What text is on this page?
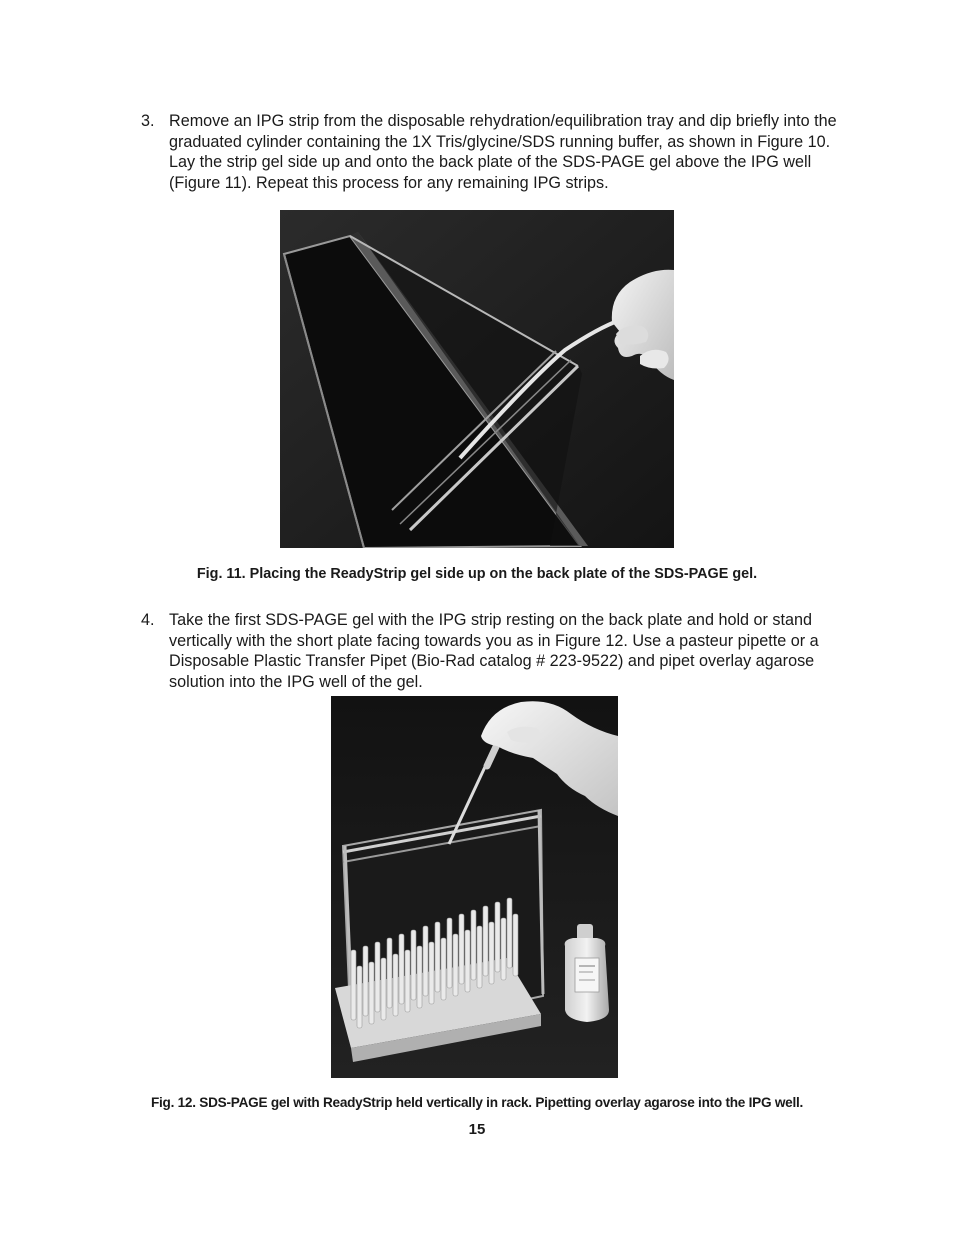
3. Remove an IPG strip from the disposable rehydration/equilibration tray and dip briefly into the graduated cylinder containing the 1X Tris/glycine/SDS running buffer, as shown in Figure 10. Lay the strip gel side up and onto the back plate of the SDS-PAGE gel above the IPG well (Figure 11). Repeat this process for any remaining IPG strips.
Fig. 11. Placing the ReadyStrip gel side up on the back plate of the SDS-PAGE gel.
4. Take the first SDS-PAGE gel with the IPG strip resting on the back plate and hold or stand vertically with the short plate facing towards you as in Figure 12. Use a pasteur pipette or a Disposable Plastic Transfer Pipet (Bio-Rad catalog # 223-9522) and pipet overlay agarose solution into the IPG well of the gel.
Fig. 12. SDS-PAGE gel with ReadyStrip held vertically in rack. Pipetting overlay agarose into the IPG well.
15
